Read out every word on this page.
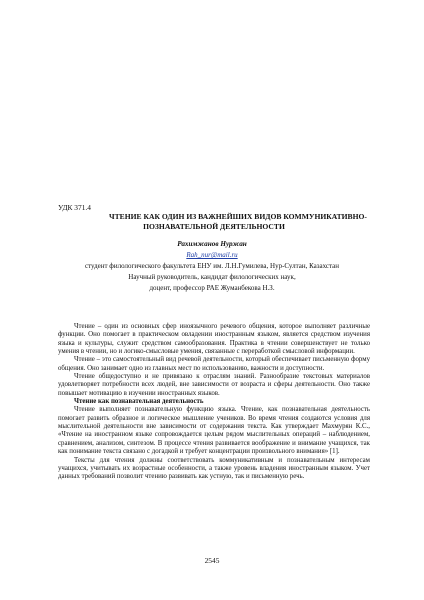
УДК 371.4
ЧТЕНИЕ КАК ОДИН ИЗ ВАЖНЕЙШИХ ВИДОВ КОММУНИКАТИВНО-ПОЗНАВАТЕЛЬНОЙ ДЕЯТЕЛЬНОСТИ
Рахимжанов Нуржан
Rah_nur@mail.ru
студент филологического факультета ЕНУ им. Л.Н.Гумилева, Нур-Султан, Казахстан
Научный руководитель, кандидат филологических наук,
доцент, профессор РАЕ Жуманбекова Н.З.

Чтение – один из основных сфер иноязычного речевого общения, которое выполняет различные функции. Оно помогает в практическом овладении иностранным языком, является средством изучения языка и культуры, служит средством самообразования. Практика в чтении совершенствует не только умения в чтении, но и логико-смысловые умения, связанные с переработкой смысловой информации.

Чтение – это самостоятельный вид речевой деятельности, который обеспечивает письменную форму общения. Оно занимает одно из главных мест по использованию, важности и доступности.

Чтение общедоступно и не привязано к отраслям знаний. Разнообразие текстовых материалов удовлетворяет потребности всех людей, вне зависимости от возраста и сферы деятельности. Оно также повышает мотивацию в изучении иностранных языков.

Чтение как познавательная деятельность

Чтение выполняет познавательную функцию языка. Чтение, как познавательная деятельность помогает развить образное и логическое мышление учеников. Во время чтения создаются условия для мыслительной деятельности вне зависимости от содержания текста. Как утверждает Махмурян К.С., «Чтение на иностранном языке сопровождается целым рядом мыслительных операций – наблюдением, сравнением, анализом, синтезом. В процессе чтения развивается воображение и внимание учащихся, так как понимание текста связано с догадкой и требует концентрации произвольного внимания» [1].

Тексты для чтения должны соответствовать коммуникативным и познавательным интересам учащихся, учитывать их возрастные особенности, а также уровень владения иностранным языком. Учет данных требований позволит чтению развивать как устную, так и письменную речь.

2545
